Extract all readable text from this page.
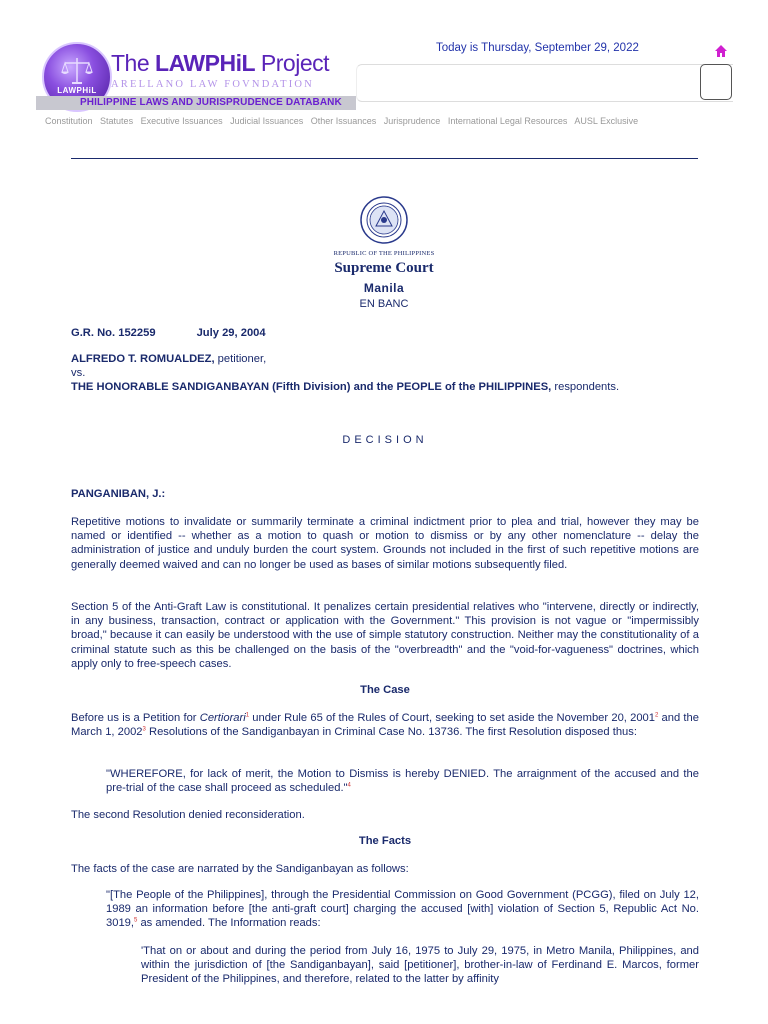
LAWPHiL
The LAWPHiL Project
ARELLANO LAW FOVNDATION
PHILIPPINE LAWS AND JURISPRUDENCE DATABANK
Today is Thursday, September 29, 2022
Constitution Statutes Executive Issuances Judicial Issuances Other Issuances Jurisprudence International Legal Resources AUSL Exclusive
REPUBLIC OF THE PHILIPPINES
Supreme Court
Manila
EN BANC
G.R. No. 152259	July 29, 2004
ALFREDO T. ROMUALDEZ, petitioner,
vs.
THE HONORABLE SANDIGANBAYAN (Fifth Division) and the PEOPLE of the PHILIPPINES, respondents.
DECISION
PANGANIBAN, J.:
Repetitive motions to invalidate or summarily terminate a criminal indictment prior to plea and trial, however they may be named or identified -- whether as a motion to quash or motion to dismiss or by any other nomenclature -- delay the administration of justice and unduly burden the court system. Grounds not included in the first of such repetitive motions are generally deemed waived and can no longer be used as bases of similar motions subsequently filed.
Section 5 of the Anti-Graft Law is constitutional. It penalizes certain presidential relatives who "intervene, directly or indirectly, in any business, transaction, contract or application with the Government." This provision is not vague or "impermissibly broad," because it can easily be understood with the use of simple statutory construction. Neither may the constitutionality of a criminal statute such as this be challenged on the basis of the "overbreadth" and the "void-for-vagueness" doctrines, which apply only to free-speech cases.
The Case
Before us is a Petition for Certiorari$^1$ under Rule 65 of the Rules of Court, seeking to set aside the November 20, 2001$^2$ and the March 1, 2002$^3$ Resolutions of the Sandiganbayan in Criminal Case No. 13736. The first Resolution disposed thus:
"WHEREFORE, for lack of merit, the Motion to Dismiss is hereby DENIED. The arraignment of the accused and the pre-trial of the case shall proceed as scheduled."$^4$
The second Resolution denied reconsideration.
The Facts
The facts of the case are narrated by the Sandiganbayan as follows:
"[The People of the Philippines], through the Presidential Commission on Good Government (PCGG), filed on July 12, 1989 an information before [the anti-graft court] charging the accused [with] violation of Section 5, Republic Act No. 3019,$^5$ as amended. The Information reads:
'That on or about and during the period from July 16, 1975 to July 29, 1975, in Metro Manila, Philippines, and within the jurisdiction of [the Sandiganbayan], said [petitioner], brother-in-law of Ferdinand E. Marcos, former President of the Philippines, and therefore, related to the latter by affinity
